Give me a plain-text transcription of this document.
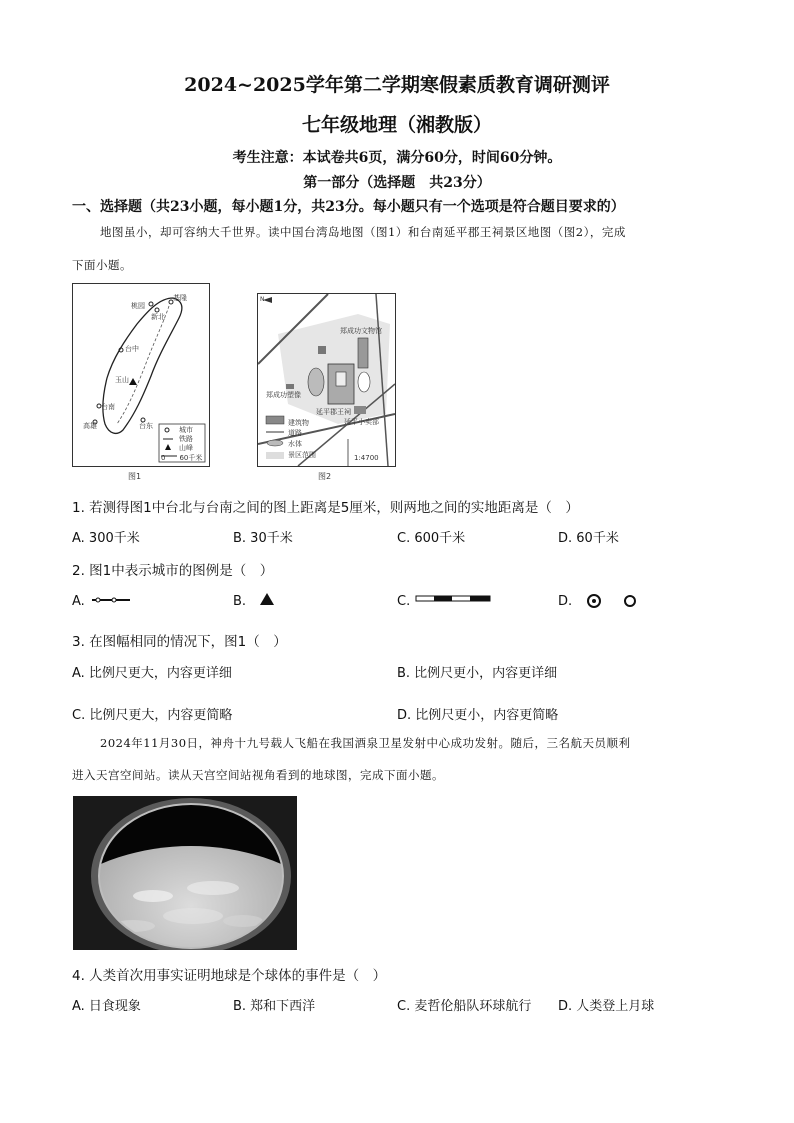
2024~2025学年第二学期寒假素质教育调研测评
七年级地理（湘教版）
考生注意：本试卷共6页，满分60分，时间60分钟。
第一部分（选择题　共23分）
一、选择题（共23小题，每小题1分，共23分。每小题只有一个选项是符合题目要求的）
地图虽小，却可容纳大千世界。读中国台湾岛地图（图1）和台南延平郡王祠景区地图（图2），完成
下面小题。
桃园
基隆
新北
台中
台南
高雄	台东
玉山
城市
铁路
山峰
0　　60千米
图1
N
郑成功文物馆
郑成功塑像
延平郡王祠
延平小卖部
建筑物
道路
水体
景区范围	1:4700
图2
1. 若测得图1中台北与台南之间的图上距离是5厘米，则两地之间的实地距离是（　）
A. 300千米	B. 30千米	C. 600千米	D. 60千米
2. 图1中表示城市的图例是（　）
A.	B.	C.	D.
3. 在图幅相同的情况下，图1（　）
A. 比例尺更大，内容更详细	B. 比例尺更小，内容更详细
C. 比例尺更大，内容更简略	D. 比例尺更小，内容更简略
2024年11月30日，神舟十九号载人飞船在我国酒泉卫星发射中心成功发射。随后，三名航天员顺利
进入天宫空间站。读从天宫空间站视角看到的地球图，完成下面小题。
4. 人类首次用事实证明地球是个球体的事件是（　）
A. 日食现象	B. 郑和下西洋	C. 麦哲伦船队环球航行 D. 人类登上月球
